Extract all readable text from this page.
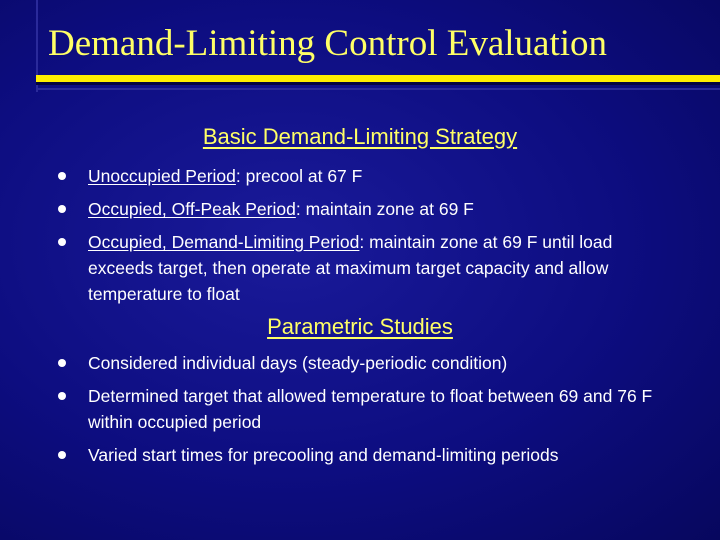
Demand-Limiting Control Evaluation
Basic Demand-Limiting Strategy
Unoccupied Period: precool at 67 F
Occupied, Off-Peak Period: maintain zone at 69 F
Occupied, Demand-Limiting Period: maintain zone at 69 F until load exceeds target, then operate at maximum target capacity and allow temperature to float
Parametric Studies
Considered individual days (steady-periodic condition)
Determined target that allowed temperature to float between 69 and 76 F within occupied period
Varied start times for precooling and demand-limiting periods
